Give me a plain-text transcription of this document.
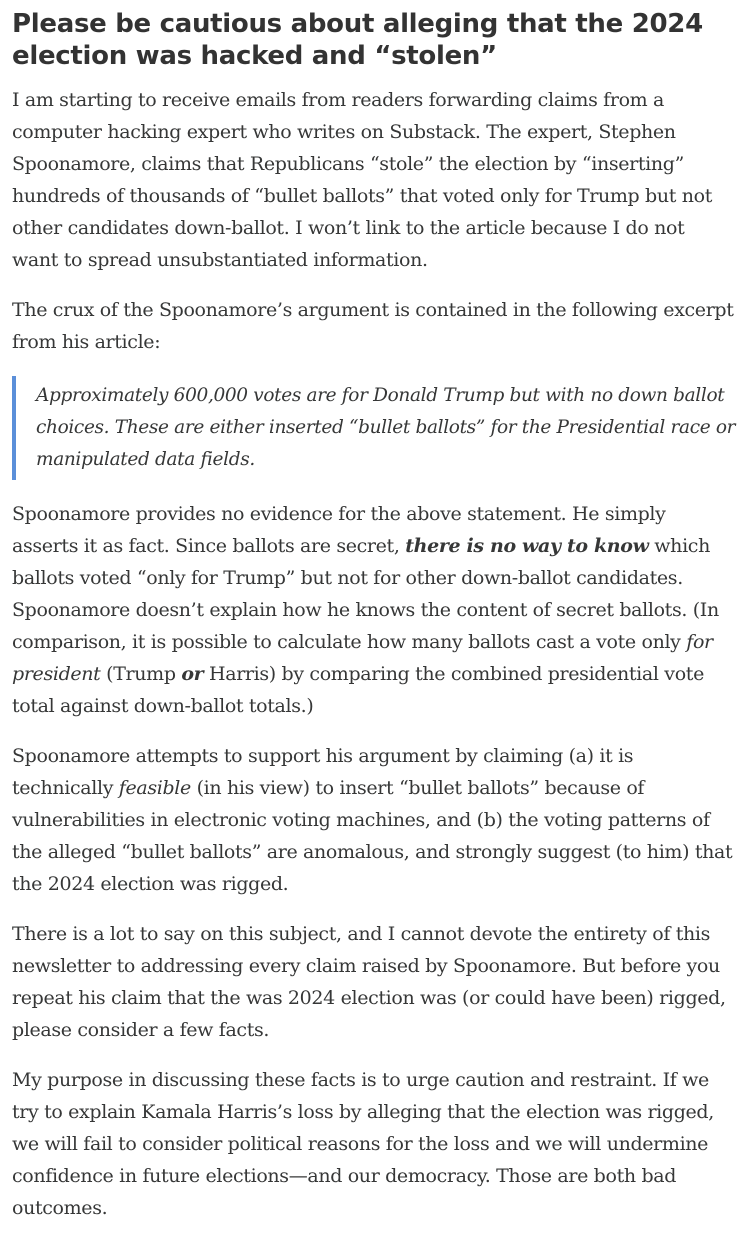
Please be cautious about alleging that the 2024 election was hacked and “stolen”

I am starting to receive emails from readers forwarding claims from a computer hacking expert who writes on Substack. The expert, Stephen Spoonamore, claims that Republicans “stole” the election by “inserting” hundreds of thousands of “bullet ballots” that voted only for Trump but not other candidates down-ballot. I won’t link to the article because I do not want to spread unsubstantiated information.

The crux of the Spoonamore’s argument is contained in the following excerpt from his article:

Approximately 600,000 votes are for Donald Trump but with no down ballot choices. These are either inserted “bullet ballots” for the Presidential race or manipulated data fields.

Spoonamore provides no evidence for the above statement. He simply asserts it as fact. Since ballots are secret, there is no way to know which ballots voted “only for Trump” but not for other down-ballot candidates. Spoonamore doesn’t explain how he knows the content of secret ballots. (In comparison, it is possible to calculate how many ballots cast a vote only for president (Trump or Harris) by comparing the combined presidential vote total against down-ballot totals.)

Spoonamore attempts to support his argument by claiming (a) it is technically feasible (in his view) to insert “bullet ballots” because of vulnerabilities in electronic voting machines, and (b) the voting patterns of the alleged “bullet ballots” are anomalous, and strongly suggest (to him) that the 2024 election was rigged.

There is a lot to say on this subject, and I cannot devote the entirety of this newsletter to addressing every claim raised by Spoonamore. But before you repeat his claim that the was 2024 election was (or could have been) rigged, please consider a few facts.

My purpose in discussing these facts is to urge caution and restraint. If we try to explain Kamala Harris’s loss by alleging that the election was rigged, we will fail to consider political reasons for the loss and we will undermine confidence in future elections—and our democracy. Those are both bad outcomes.
